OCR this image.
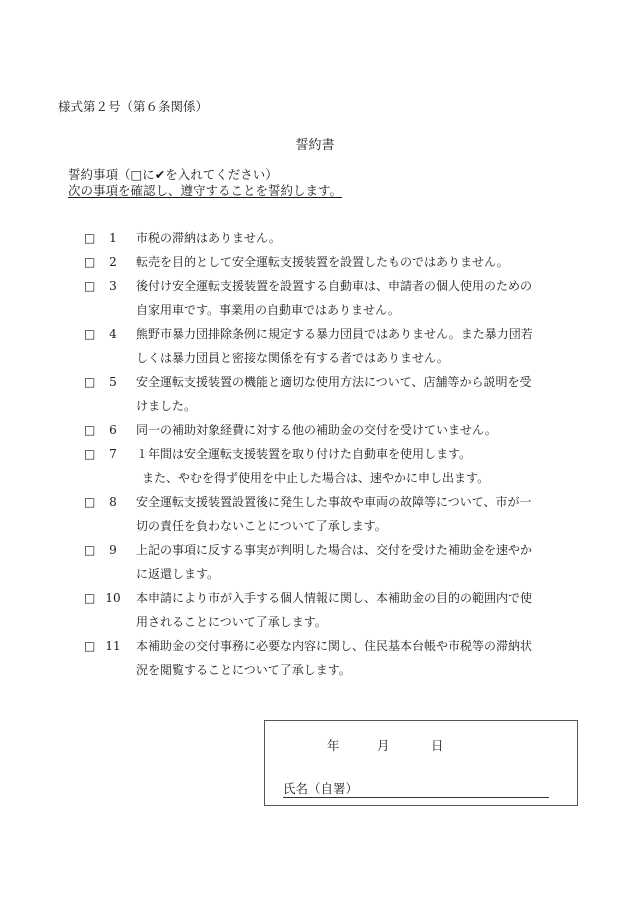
様式第２号（第６条関係）
誓約書
誓約事項（□に✔を入れてください）
次の事項を確認し、遵守することを誓約します。
□	1	市税の滞納はありません。
□	2	転売を目的として安全運転支援装置を設置したものではありません。
□	3	後付け安全運転支援装置を設置する自動車は、申請者の個人使用のための
自家用車です。事業用の自動車ではありません。
□	4	熊野市暴力団排除条例に規定する暴力団員ではありません。また暴力団若
しくは暴力団員と密接な関係を有する者ではありません。
□	5	安全運転支援装置の機能と適切な使用方法について、店舗等から説明を受
けました。
□	6	同一の補助対象経費に対する他の補助金の交付を受けていません。
□	7	１年間は安全運転支援装置を取り付けた自動車を使用します。
また、やむを得ず使用を中止した場合は、速やかに申し出ます。
□	8	安全運転支援装置設置後に発生した事故や車両の故障等について、市が一
切の責任を負わないことについて了承します。
□	9	上記の事項に反する事実が判明した場合は、交付を受けた補助金を速やか
に返還します。
□ 10 本申請により市が入手する個人情報に関し、本補助金の目的の範囲内で使
用されることについて了承します。
□ 11 本補助金の交付事務に必要な内容に関し、住民基本台帳や市税等の滞納状
況を閲覧することについて了承します。
年	月	日
氏名（自署）
